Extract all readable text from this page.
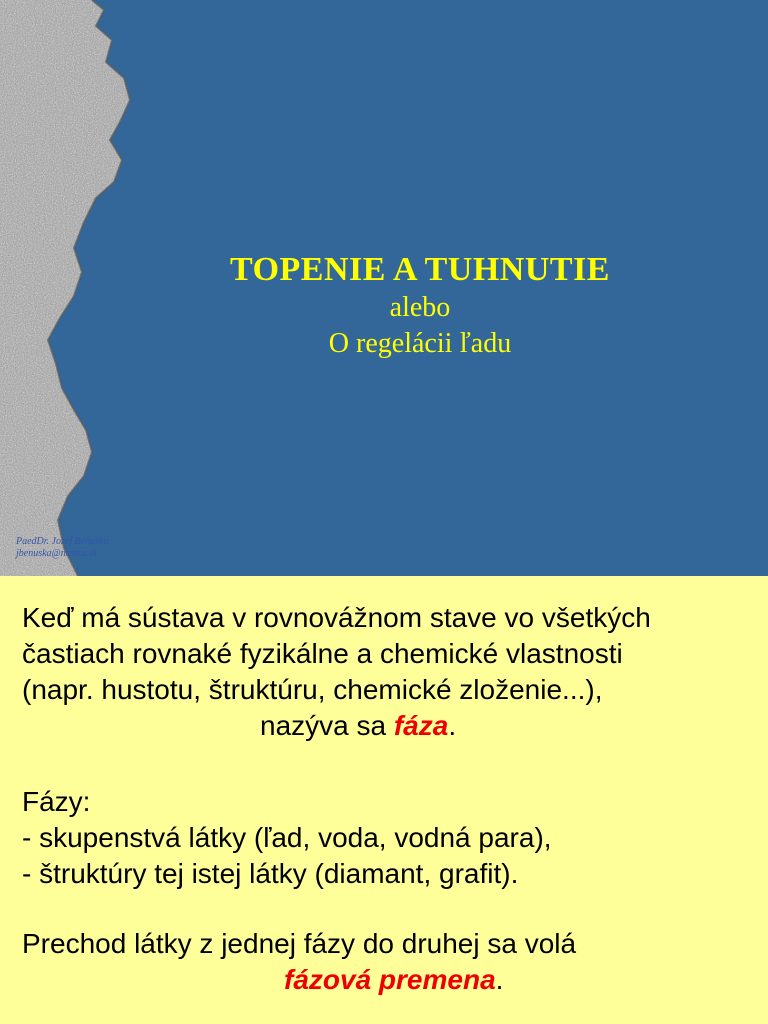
TOPENIE A TUHNUTIE
alebo
O regelácii ľadu
PaedDr. Jozef Beňuška
jbenuska@nextra.sk
Keď má sústava v rovnovážnom stave vo všetkých
častiach rovnaké fyzikálne a chemické vlastnosti
(napr. hustotu, štruktúru, chemické zloženie...),
nazýva sa fáza.
Fázy:
- skupenstvá látky (ľad, voda, vodná para),
- štruktúry tej istej látky (diamant, grafit).
Prechod látky z jednej fázy do druhej sa volá
fázová premena.
